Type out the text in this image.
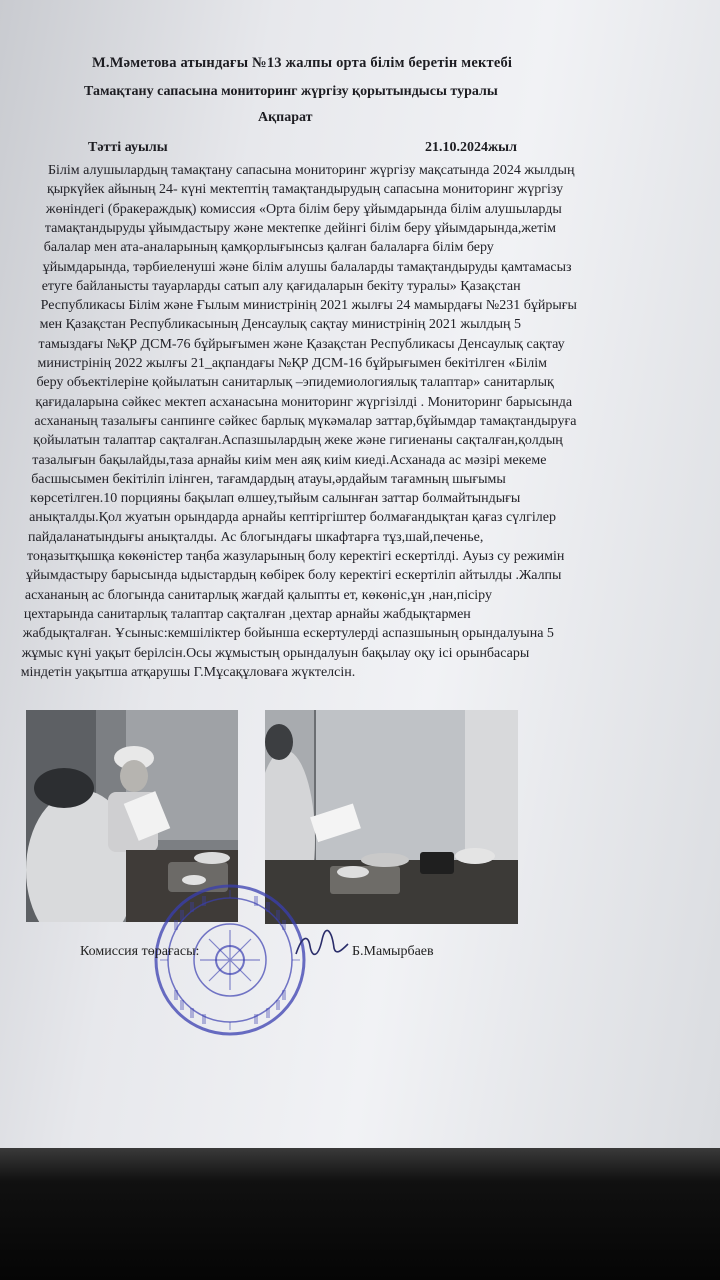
М.Мәметова атындағы №13 жалпы орта білім беретін мектебі
Тамақтану сапасына мониторинг жүргізу қорытындысы туралы
Ақпарат
Тәтті ауылы	21.10.2024жыл
Білім алушылардың тамақтану сапасына мониторинг жүргізу мақсатында 2024 жылдың
қыркүйек айының 24- күні мектептің тамақтандырудың сапасына мониторинг жүргізу
жөніндегі (бракераждық) комиссия «Орта білім беру ұйымдарында білім алушыларды
тамақтандыруды ұйымдастыру және мектепке дейінгі білім беру ұйымдарында,жетім
балалар мен ата-аналарының қамқорлығынсыз қалған балаларға білім беру
ұйымдарында, тәрбиеленуші және білім алушы балаларды тамақтандыруды қамтамасыз
етуге байланысты тауарларды сатып алу қағидаларын бекіту туралы» Қазақстан
Республикасы Білім және Ғылым министрінің 2021 жылғы 24 мамырдағы №231 бұйрығы
мен Қазақстан Республикасының Денсаулық сақтау министрінің 2021 жылдың 5
тамыздағы №ҚР ДСМ-76 бұйрығымен және Қазақстан Республикасы Денсаулық сақтау
министрінің 2022 жылғы 21_ақпандағы №ҚР ДСМ-16 бұйрығымен бекітілген «Білім
беру объектілеріне қойылатын санитарлық –эпидемиологиялық талаптар» санитарлық
қағидаларына сәйкес мектеп асханасына мониторинг жүргізілді . Мониторинг барысында
асхананың тазалығы санпинге сәйкес барлық мүкәмалар заттар,бұйымдар тамақтандыруға
қойылатын талаптар сақталған.Аспазшылардың жеке және гигиенаны сақталған,қолдың
тазалығын бақылайды,таза арнайы киім мен аяқ киім киеді.Асханада ас мәзірі мекеме
басшысымен бекітіліп ілінген, тағамдардың атауы,әрдайым тағамның шығымы
көрсетілген.10 порцияны бақылап өлшеу,тыйым салынған заттар болмайтындығы
анықталды.Қол жуатын орындарда арнайы кептіргіштер болмағандықтан қағаз сүлгілер
пайдаланатындығы анықталды. Ас блогындағы шкафтарға тұз,шай,печенье,
тоңазытқышқа көкөністер таңба жазуларының болу керектігі ескертілді. Ауыз су режимін
ұйымдастыру барысында ыдыстардың көбірек болу керектігі ескертіліп айтылды .Жалпы
асхананың ас блогында санитарлық жағдай қалыпты ет, көкөніс,ұн ,нан,пісіру
цехтарында санитарлық талаптар сақталған ,цехтар арнайы жабдықтармен
жабдықталған. Ұсыныс:кемшіліктер бойынша ескертулерді аспазшының орындалуына 5
жұмыс күні уақыт берілсін.Осы жұмыстың орындалуын бақылау оқу ісі орынбасары
міндетін уақытша атқарушы Г.Мұсақұловаға жүктелсін.
Комиссия төрағасы:	Б.Мамырбаев
